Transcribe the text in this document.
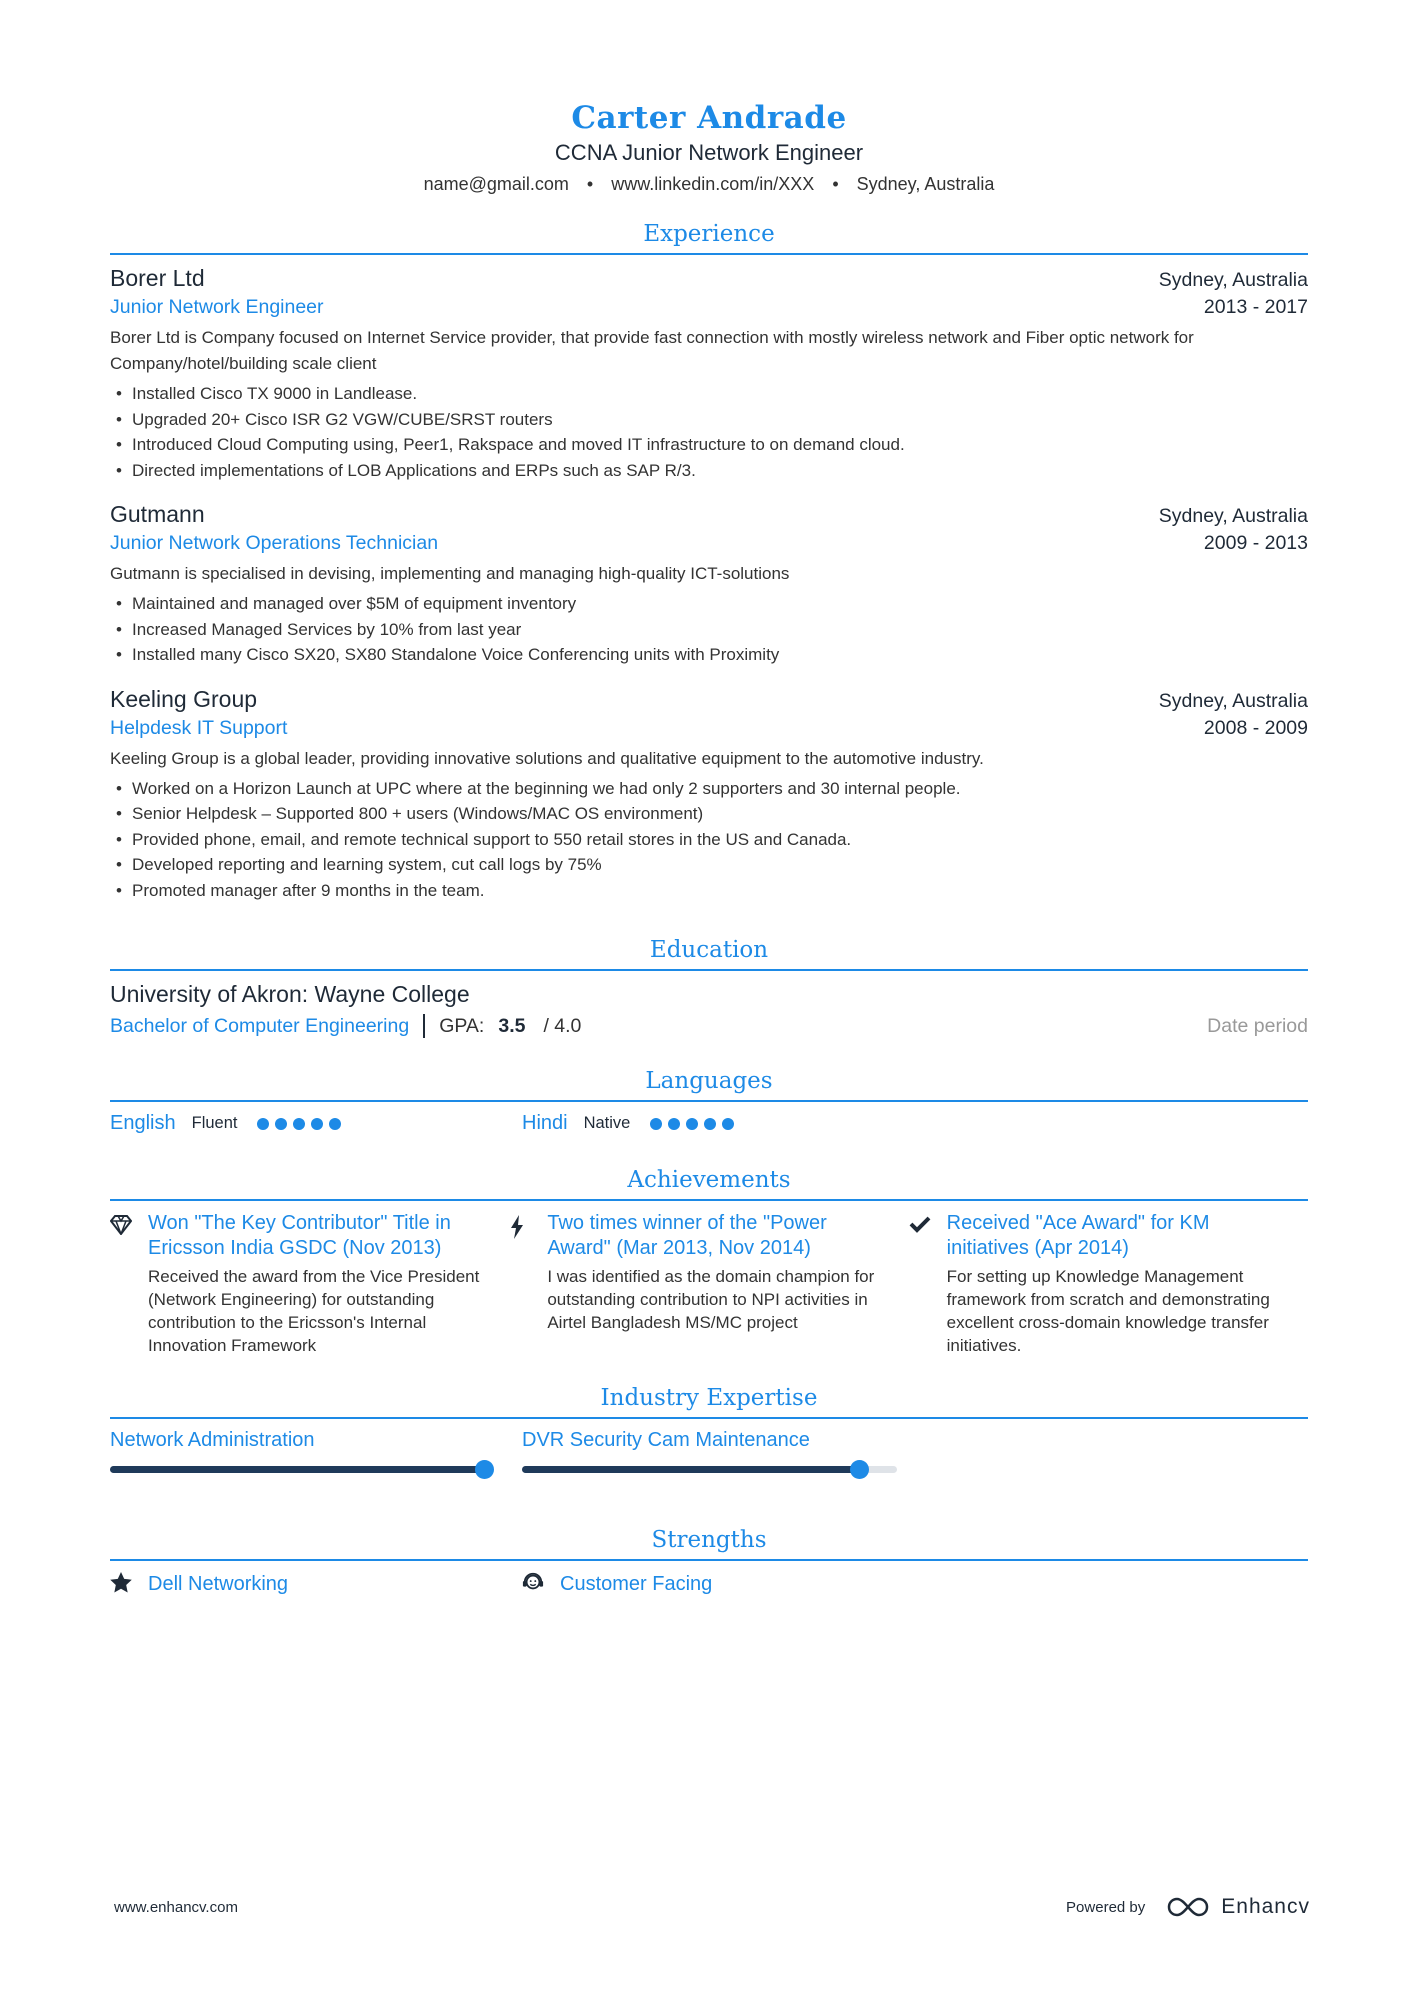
Carter Andrade
CCNA Junior Network Engineer
name@gmail.com • www.linkedin.com/in/XXX • Sydney, Australia
Experience
Borer Ltd	Sydney, Australia
Junior Network Engineer	2013 - 2017
Borer Ltd is Company focused on Internet Service provider, that provide fast connection with mostly wireless network and Fiber optic network for Company/hotel/building scale client
• Installed Cisco TX 9000 in Landlease.
• Upgraded 20+ Cisco ISR G2 VGW/CUBE/SRST routers
• Introduced Cloud Computing using, Peer1, Rakspace and moved IT infrastructure to on demand cloud.
• Directed implementations of LOB Applications and ERPs such as SAP R/3.
Gutmann	Sydney, Australia
Junior Network Operations Technician	2009 - 2013
Gutmann is specialised in devising, implementing and managing high-quality ICT-solutions
• Maintained and managed over $5M of equipment inventory
• Increased Managed Services by 10% from last year
• Installed many Cisco SX20, SX80 Standalone Voice Conferencing units with Proximity
Keeling Group	Sydney, Australia
Helpdesk IT Support	2008 - 2009
Keeling Group is a global leader, providing innovative solutions and qualitative equipment to the automotive industry.
• Worked on a Horizon Launch at UPC where at the beginning we had only 2 supporters and 30 internal people.
• Senior Helpdesk – Supported 800 + users (Windows/MAC OS environment)
• Provided phone, email, and remote technical support to 550 retail stores in the US and Canada.
• Developed reporting and learning system, cut call logs by 75%
• Promoted manager after 9 months in the team.
Education
University of Akron: Wayne College
Bachelor of Computer Engineering GPA: 3.5 / 4.0	Date period
Languages
English Fluent	Hindi Native
Achievements
Won "The Key Contributor" Title in Ericsson India GSDC (Nov 2013)
Received the award from the Vice President (Network Engineering) for outstanding contribution to the Ericsson's Internal Innovation Framework
Two times winner of the "Power Award" (Mar 2013, Nov 2014)
I was identified as the domain champion for outstanding contribution to NPI activities in Airtel Bangladesh MS/MC project
Received "Ace Award" for KM initiatives (Apr 2014)
For setting up Knowledge Management framework from scratch and demonstrating excellent cross-domain knowledge transfer initiatives.
Industry Expertise
Network Administration	DVR Security Cam Maintenance
Strengths
Dell Networking	Customer Facing
www.enhancv.com	Powered by	Enhancv
